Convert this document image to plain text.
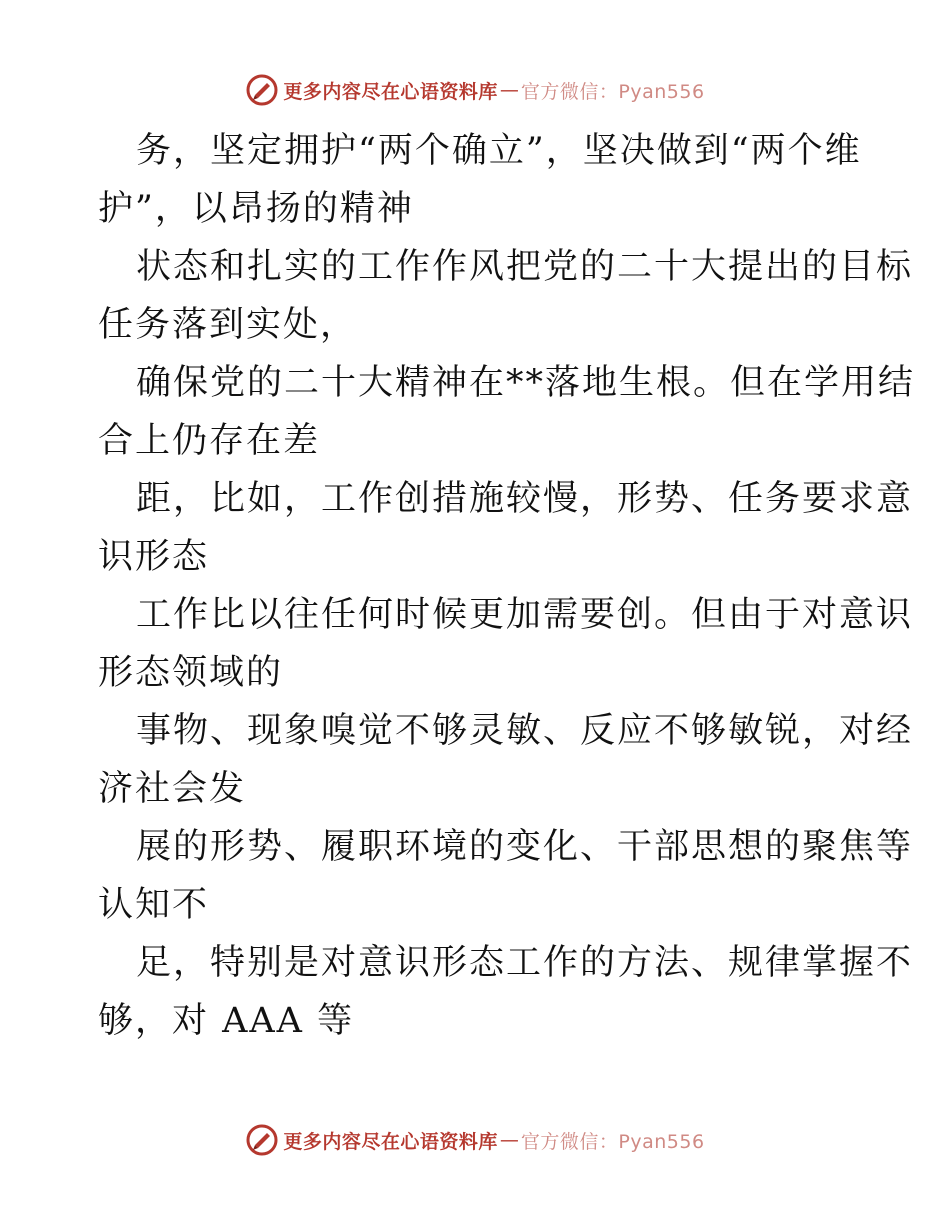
更多内容尽在心语资料库 — 官方微信：Pyan556
务，坚定拥护“两个确立”，坚决做到“两个维
护”，以昂扬的精神
状态和扎实的工作作风把党的二十大提出的目标
任务落到实处，
确保党的二十大精神在**落地生根。但在学用结
合上仍存在差
距，比如，工作创措施较慢，形势、任务要求意
识形态
工作比以往任何时候更加需要创。但由于对意识
形态领域的
事物、现象嗅觉不够灵敏、反应不够敏锐，对经
济社会发
展的形势、履职环境的变化、干部思想的聚焦等
认知不
足，特别是对意识形态工作的方法、规律掌握不
够，对 AAA 等
更多内容尽在心语资料库 — 官方微信：Pyan556
